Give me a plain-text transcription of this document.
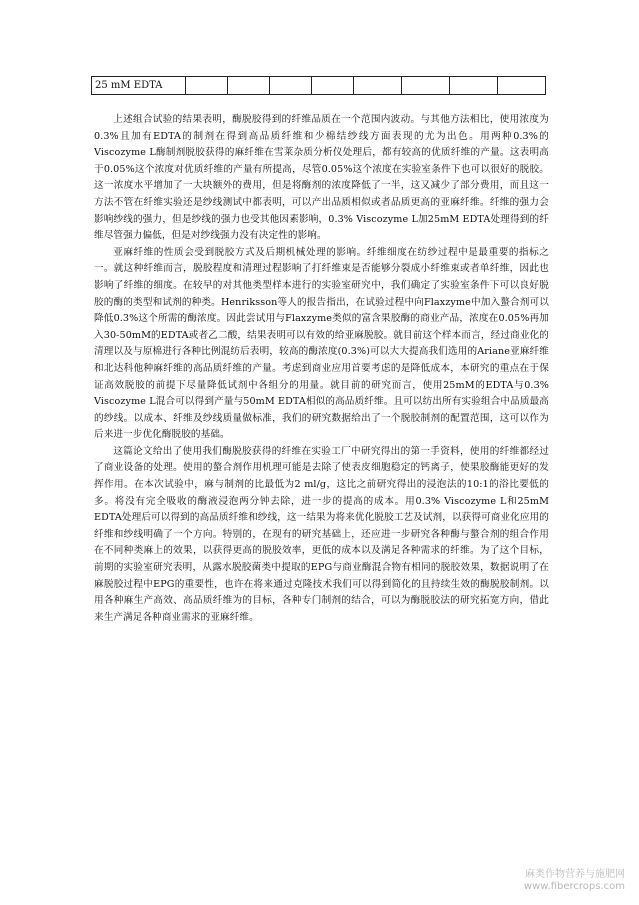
25 mM EDTA								

上述组合试验的结果表明，酶脱胶得到的纤维品质在一个范围内波动。与其他方法相比，使用浓度为0.3%且加有EDTA的制剂在得到高品质纤维和少棉结纱线方面表现的尤为出色。用两种0.3%的Viscozyme L酶制剂脱胶获得的麻纤维在雪莱杂质分析仪处理后，都有较高的优质纤维的产量。这表明高于0.05%这个浓度对优质纤维的产量有所提高，尽管0.05%这个浓度在实验室条件下也可以很好的脱胶。这一浓度水平增加了一大块额外的费用，但是将酶剂的浓度降低了一半，这又减少了部分费用，而且这一方法不管在纤维实验还是纱线测试中都表明，可以产出品质相似或者品质更高的亚麻纤维。纤维的强力会影响纱线的强力，但是纱线的强力也受其他因素影响，0.3% Viscozyme L加25mM EDTA处理得到的纤维尽管强力偏低，但是对纱线强力没有决定性的影响。

亚麻纤维的性质会受到脱胶方式及后期机械处理的影响。纤维细度在纺纱过程中是最重要的指标之一。就这种纤维而言，脱胶程度和清理过程影响了打纤维束是否能够分裂成小纤维束或者单纤维，因此也影响了纤维的细度。在较早的对其他类型样本进行的实验室研究中，我们确定了实验室条件下可以良好脱胶的酶的类型和试剂的种类。Henriksson等人的报告指出，在试验过程中向Flaxzyme中加入螯合剂可以降低0.3%这个所需的酶浓度。因此尝试用与Flaxzyme类似的富含果胶酶的商业产品，浓度在0.05%再加入30-50mM的EDTA或者乙二酸，结果表明可以有效的给亚麻脱胶。就目前这个样本而言，经过商业化的清理以及与原棉进行各种比例混纺后表明，较高的酶浓度(0.3%)可以大大提高我们选用的Ariane亚麻纤维和北达科他种麻纤维的高品质纤维的产量。考虑到商业应用首要考虑的是降低成本，本研究的重点在于保证高效脱胶的前提下尽量降低试剂中各组分的用量。就目前的研究而言，使用25mM的EDTA与0.3% Viscozyme L混合可以得到产量与50mM EDTA相似的高品质纤维。且可以纺出所有实验组合中品质最高的纱线。以成本、纤维及纱线质量做标准，我们的研究数据给出了一个脱胶制剂的配置范围，这可以作为后来进一步优化酶脱胶的基础。

这篇论文给出了使用我们酶脱胶获得的纤维在实验工厂中研究得出的第一手资料，使用的纤维都经过了商业设备的处理。使用的螯合剂作用机理可能是去除了使表皮细胞稳定的钙离子，使果胶酶能更好的发挥作用。在本次试验中，麻与制剂的比最低为2 ml/g，这比之前研究得出的浸泡法的10:1的浴比要低的多。将没有完全吸收的酶液浸泡两分钟去除，进一步的提高的成本。用0.3% Viscozyme L和25mM EDTA处理后可以得到的高品质纤维和纱线，这一结果为将来优化脱胶工艺及试剂，以获得可商业化应用的纤维和纱线明确了一个方向。特别的，在现有的研究基础上，还应进一步研究各种酶与螯合剂的组合作用在不同种类麻上的效果，以获得更高的脱胶效率，更低的成本以及满足各种需求的纤维。为了这个目标，前期的实验室研究表明，从露水脱胶菌类中提取的EPG与商业酶混合物有相同的脱胶效果，数据说明了在麻脱胶过程中EPG的重要性，也许在将来通过克隆技术我们可以得到简化的且持续生效的酶脱胶制剂。以用各种麻生产高效、高品质纤维为的目标，各种专门制剂的结合，可以为酶脱胶法的研究拓宽方向，借此来生产满足各种商业需求的亚麻纤维。

麻类作物营养与施肥网
www.fibercrops.com
